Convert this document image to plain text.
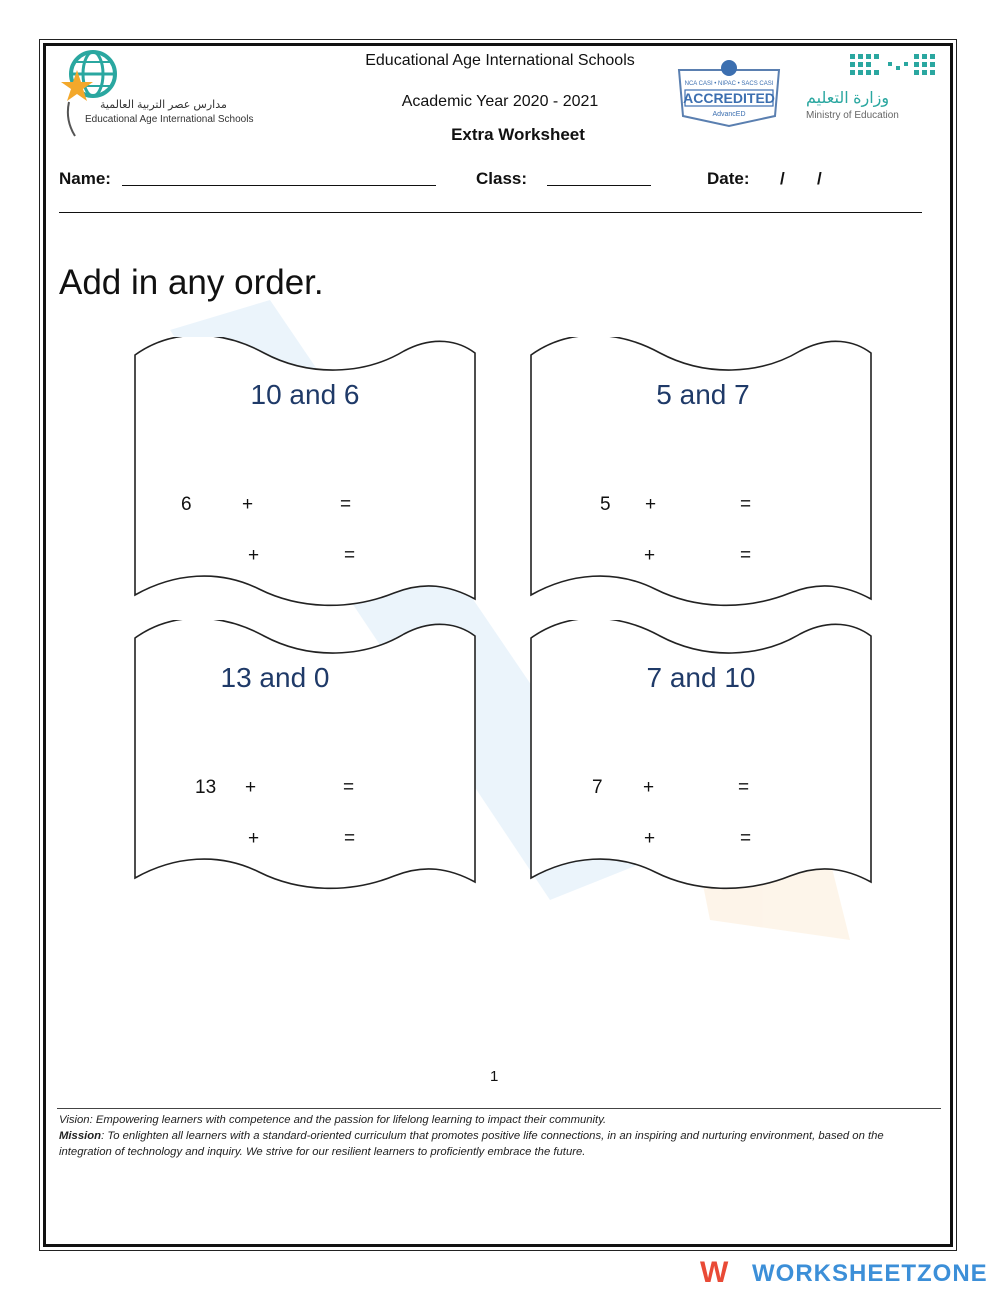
مدارس عصر التربية العالمية
Educational Age International Schools
Educational Age International Schools
Academic Year 2020 - 2021
Extra Worksheet
NCA CASI • NIPAC • SACS CASI
ACCREDITED
AdvancED
وزارة التعليم
Ministry of Education
Name:	Class:	Date: / /
Add in any order.
10 and 6
6	+	=
+	=
5 and 7
5 +	=
+	=
13 and 0
13 +	=
+	=
7 and 10
7 +	=
+	=
1
Vision: Empowering learners with competence and the passion for lifelong learning to impact their community.
Mission: To enlighten all learners with a standard-oriented curriculum that promotes positive life connections, in an inspiring and nurturing environment, based on the integration of technology and inquiry. We strive for our resilient learners to proficiently embrace the future.
W WORKSHEETZONE
